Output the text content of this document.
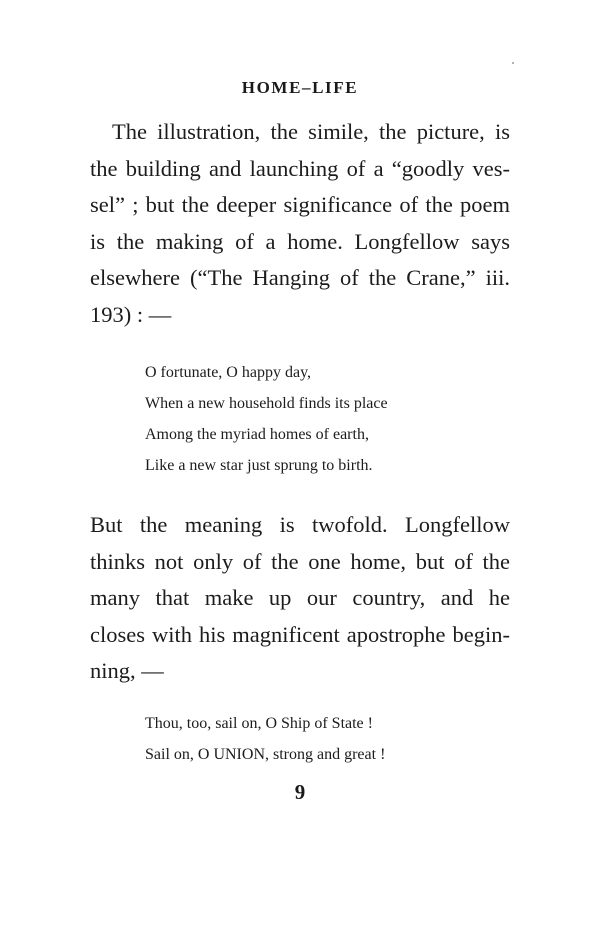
HOME–LIFE
The illustration, the simile, the picture, is
the building and launching of a “goodly ves-
sel” ; but the deeper significance of the poem
is the making of a home. Longfellow says
elsewhere (“The Hanging of the Crane,” iii.
193) : —
O fortunate, O happy day,
When a new household finds its place
Among the myriad homes of earth,
Like a new star just sprung to birth.
But the meaning is twofold. Longfellow
thinks not only of the one home, but of the
many that make up our country, and he
closes with his magnificent apostrophe begin-
ning, —
Thou, too, sail on, O Ship of State !
Sail on, O UNION, strong and great !
9
